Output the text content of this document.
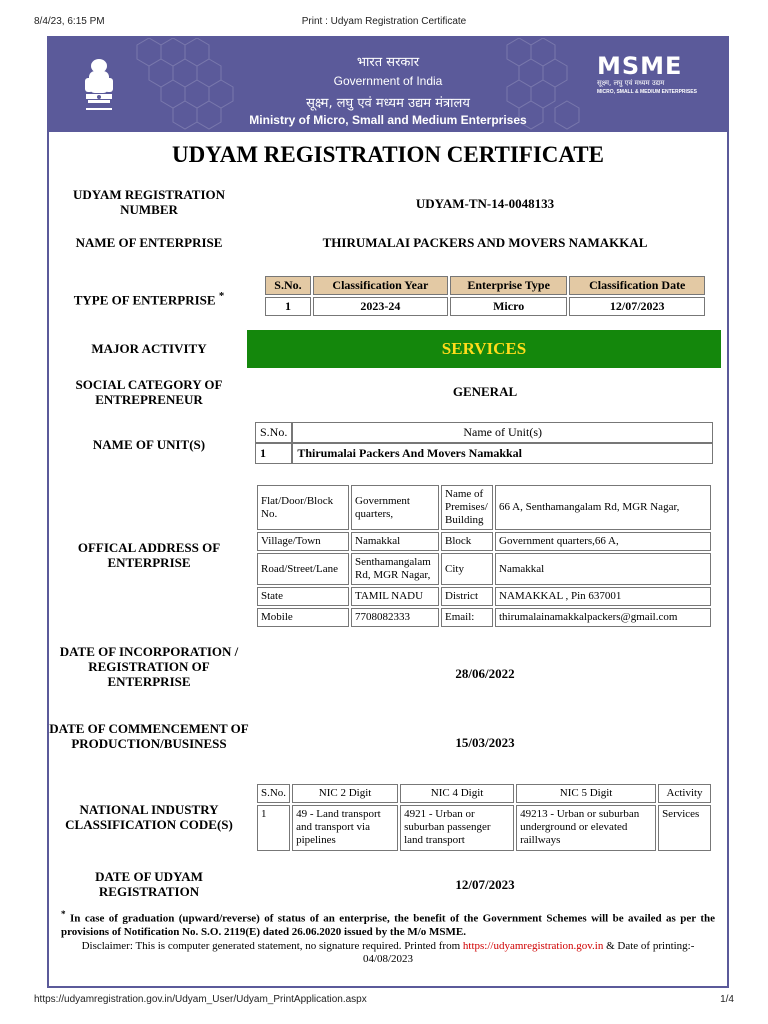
8/4/23, 6:15 PM	Print : Udyam Registration Certificate
भारत सरकार
Government of India
सूक्ष्म, लघु एवं मध्यम उद्यम मंत्रालय
Ministry of Micro, Small and Medium Enterprises
MSME
सूक्ष्म, लघु एवं मध्यम उद्यम
MICRO, SMALL & MEDIUM ENTERPRISES
UDYAM REGISTRATION CERTIFICATE
UDYAM REGISTRATION NUMBER	UDYAM-TN-14-0048133
NAME OF ENTERPRISE	THIRUMALAI PACKERS AND MOVERS NAMAKKAL
TYPE OF ENTERPRISE *
S.No.	Classification Year	Enterprise Type	Classification Date
1	2023-24	Micro	12/07/2023
MAJOR ACTIVITY	SERVICES
SOCIAL CATEGORY OF ENTREPRENEUR
GENERAL
NAME OF UNIT(S)
S.No.	Name of Unit(s)
1	Thirumalai Packers And Movers Namakkal
OFFICAL ADDRESS OF ENTERPRISE
Flat/Door/Block No.	Government quarters,	Name of Premises/ Building	66 A, Senthamangalam Rd, MGR Nagar,
Village/Town	Namakkal	Block	Government quarters,66 A,
Road/Street/Lane	Senthamangalam Rd, MGR Nagar,	City	Namakkal
State	TAMIL NADU	District	NAMAKKAL , Pin 637001
Mobile	7708082333	Email:	thirumalainamakkalpackers@gmail.com
DATE OF INCORPORATION / REGISTRATION OF ENTERPRISE
28/06/2022
DATE OF COMMENCEMENT OF PRODUCTION/BUSINESS	15/03/2023
NATIONAL INDUSTRY CLASSIFICATION CODE(S)
S.No.	NIC 2 Digit	NIC 4 Digit	NIC 5 Digit	Activity
1	49 - Land transport and transport via pipelines	4921 - Urban or suburban passenger land transport	49213 - Urban or suburban underground or elevated raillways	Services
DATE OF UDYAM REGISTRATION	12/07/2023
* In case of graduation (upward/reverse) of status of an enterprise, the benefit of the Government Schemes will be availed as per the provisions of Notification No. S.O. 2119(E) dated 26.06.2020 issued by the M/o MSME.
Disclaimer: This is computer generated statement, no signature required. Printed from https://udyamregistration.gov.in & Date of printing:-
04/08/2023
https://udyamregistration.gov.in/Udyam_User/Udyam_PrintApplication.aspx	1/4
